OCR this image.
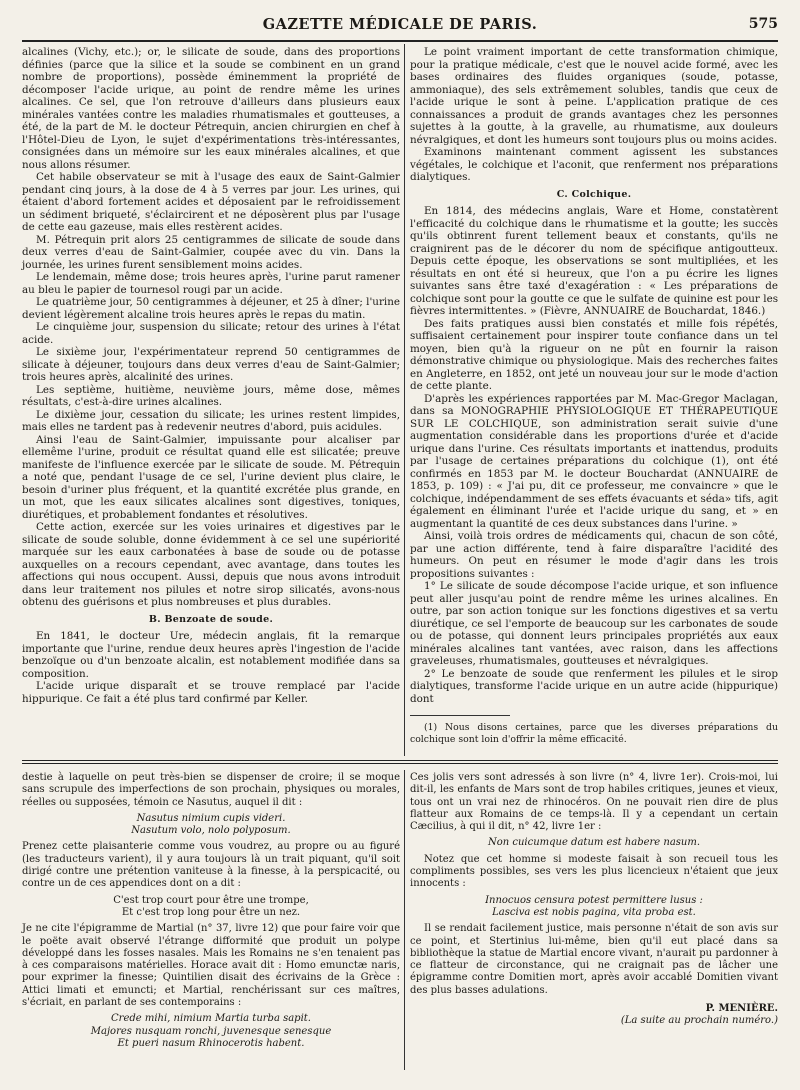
GAZETTE MÉDICALE DE PARIS.	575

alcalines (Vichy, etc.); or, le silicate de soude, dans des proportions définies (parce que la silice et la soude se combinent en un grand nombre de proportions), possède éminemment la propriété de décomposer l'acide urique, au point de rendre même les urines alcalines. Ce sel, que l'on retrouve d'ailleurs dans plusieurs eaux minérales vantées contre les maladies rhumatismales et goutteuses, a été, de la part de M. le docteur Pétrequin, ancien chirurgien en chef à l'Hôtel-Dieu de Lyon, le sujet d'expérimentations très-intéressantes, consignées dans un mémoire sur les eaux minérales alcalines, et que nous allons résumer.

Cet habile observateur se mit à l'usage des eaux de Saint-Galmier pendant cinq jours, à la dose de 4 à 5 verres par jour. Les urines, qui étaient d'abord fortement acides et déposaient par le refroidissement un sédiment briqueté, s'éclaircirent et ne déposèrent plus par l'usage de cette eau gazeuse, mais elles restèrent acides.

M. Pétrequin prit alors 25 centigrammes de silicate de soude dans deux verres d'eau de Saint-Galmier, coupée avec du vin. Dans la journée, les urines furent sensiblement moins acides.

Le lendemain, même dose; trois heures après, l'urine parut ramener au bleu le papier de tournesol rougi par un acide.

Le quatrième jour, 50 centigrammes à déjeuner, et 25 à dîner; l'urine devient légèrement alcaline trois heures après le repas du matin.

Le cinquième jour, suspension du silicate; retour des urines à l'état acide.

Le sixième jour, l'expérimentateur reprend 50 centigrammes de silicate à déjeuner, toujours dans deux verres d'eau de Saint-Galmier; trois heures après, alcalinité des urines.

Les septième, huitième, neuvième jours, même dose, mêmes résultats, c'est-à-dire urines alcalines.

Le dixième jour, cessation du silicate; les urines restent limpides, mais elles ne tardent pas à redevenir neutres d'abord, puis acidules.

Ainsi l'eau de Saint-Galmier, impuissante pour alcaliser par ellemême l'urine, produit ce résultat quand elle est silicatée; preuve manifeste de l'influence exercée par le silicate de soude. M. Pétrequin a noté que, pendant l'usage de ce sel, l'urine devient plus claire, le besoin d'uriner plus fréquent, et la quantité excrétée plus grande, en un mot, que les eaux silicates alcalines sont digestives, toniques, diurétiques, et probablement fondantes et résolutives.

Cette action, exercée sur les voies urinaires et digestives par le silicate de soude soluble, donne évidemment à ce sel une supériorité marquée sur les eaux carbonatées à base de soude ou de potasse auxquelles on a recours cependant, avec avantage, dans toutes les affections qui nous occupent. Aussi, depuis que nous avons introduit dans leur traitement nos pilules et notre sirop silicatés, avons-nous obtenu des guérisons et plus nombreuses et plus durables.

B. Benzoate de soude.

En 1841, le docteur Ure, médecin anglais, fit la remarque importante que l'urine, rendue deux heures après l'ingestion de l'acide benzoïque ou d'un benzoate alcalin, est notablement modifiée dans sa composition.

L'acide urique disparaît et se trouve remplacé par l'acide hippurique. Ce fait a été plus tard confirmé par Keller.

Le point vraiment important de cette transformation chimique, pour la pratique médicale, c'est que le nouvel acide formé, avec les bases ordinaires des fluides organiques (soude, potasse, ammoniaque), des sels extrêmement solubles, tandis que ceux de l'acide urique le sont à peine. L'application pratique de ces connaissances a produit de grands avantages chez les personnes sujettes à la goutte, à la gravelle, au rhumatisme, aux douleurs névralgiques, et dont les humeurs sont toujours plus ou moins acides.

Examinons maintenant comment agissent les substances végétales, le colchique et l'aconit, que renferment nos préparations dialytiques.

C. Colchique.

En 1814, des médecins anglais, Ware et Home, constatèrent l'efficacité du colchique dans le rhumatisme et la goutte; les succès qu'ils obtinrent furent tellement beaux et constants, qu'ils ne craignirent pas de le décorer du nom de spécifique antigoutteux. Depuis cette époque, les observations se sont multipliées, et les résultats en ont été si heureux, que l'on a pu écrire les lignes suivantes sans être taxé d'exagération : « Les préparations de colchique sont pour la goutte ce que le sulfate de quinine est pour les fièvres intermittentes. » (Fièvre, ANNUAIRE de Bouchardat, 1846.)

Des faits pratiques aussi bien constatés et mille fois répétés, suffisaient certainement pour inspirer toute confiance dans un tel moyen, bien qu'à la rigueur on ne pût en fournir la raison démonstrative chimique ou physiologique. Mais des recherches faites en Angleterre, en 1852, ont jeté un nouveau jour sur le mode d'action de cette plante.

D'après les expériences rapportées par M. Mac-Gregor Maclagan, dans sa MONOGRAPHIE PHYSIOLOGIQUE ET THÉRAPEUTIQUE SUR LE COLCHIQUE, son administration serait suivie d'une augmentation considérable dans les proportions d'urée et d'acide urique dans l'urine. Ces résultats importants et inattendus, produits par l'usage de certaines préparations du colchique (1), ont été confirmés en 1853 par M. le docteur Bouchardat (ANNUAIRE de 1853, p. 109) : « J'ai pu, dit ce professeur, me convaincre » que le colchique, indépendamment de ses effets évacuants et séda» tifs, agit également en éliminant l'urée et l'acide urique du sang, et » en augmentant la quantité de ces deux substances dans l'urine. »

Ainsi, voilà trois ordres de médicaments qui, chacun de son côté, par une action différente, tend à faire disparaître l'acidité des humeurs. On peut en résumer le mode d'agir dans les trois propositions suivantes :

1° Le silicate de soude décompose l'acide urique, et son influence peut aller jusqu'au point de rendre même les urines alcalines. En outre, par son action tonique sur les fonctions digestives et sa vertu diurétique, ce sel l'emporte de beaucoup sur les carbonates de soude ou de potasse, qui donnent leurs principales propriétés aux eaux minérales alcalines tant vantées, avec raison, dans les affections graveleuses, rhumatismales, goutteuses et névralgiques.

2° Le benzoate de soude que renferment les pilules et le sirop dialytiques, transforme l'acide urique en un autre acide (hippurique) dont

(1) Nous disons certaines, parce que les diverses préparations du colchique sont loin d'offrir la même efficacité.

destie à laquelle on peut très-bien se dispenser de croire; il se moque sans scrupule des imperfections de son prochain, physiques ou morales, réelles ou supposées, témoin ce Nasutus, auquel il dit :

Nasutus nimium cupis videri.

Nasutum volo, nolo polyposum.

Prenez cette plaisanterie comme vous voudrez, au propre ou au figuré (les traducteurs varient), il y aura toujours là un trait piquant, qu'il soit dirigé contre une prétention vaniteuse à la finesse, à la perspicacité, ou contre un de ces appendices dont on a dit :

C'est trop court pour être une trompe,

Et c'est trop long pour être un nez.

Je ne cite l'épigramme de Martial (n° 37, livre 12) que pour faire voir que le poëte avait observé l'étrange difformité que produit un polype développé dans les fosses nasales. Mais les Romains ne s'en tenaient pas à ces comparaisons matérielles. Horace avait dit : Homo emunctæ naris, pour exprimer la finesse; Quintilien disait des écrivains de la Grèce : Attici limati et emuncti; et Martial, renchérissant sur ces maîtres, s'écriait, en parlant de ses contemporains :

Crede mihi, nimium Martia turba sapit.

Majores nusquam ronchi, juvenesque senesque

Et pueri nasum Rhinocerotis habent.

Ces jolis vers sont adressés à son livre (n° 4, livre 1er). Crois-moi, lui dit-il, les enfants de Mars sont de trop habiles critiques, jeunes et vieux, tous ont un vrai nez de rhinocéros. On ne pouvait rien dire de plus flatteur aux Romains de ce temps-là. Il y a cependant un certain Cæcilius, à qui il dit, n° 42, livre 1er :

Non cuicumque datum est habere nasum.

Notez que cet homme si modeste faisait à son recueil tous les compliments possibles, ses vers les plus licencieux n'étaient que jeux innocents :

Innocuos censura potest permittere lusus :

Lasciva est nobis pagina, vita proba est.

Il se rendait facilement justice, mais personne n'était de son avis sur ce point, et Stertinius lui-même, bien qu'il eut placé dans sa bibliothèque la statue de Martial encore vivant, n'aurait pu pardonner à ce flatteur de circonstance, qui ne craignait pas de lâcher une épigramme contre Domitien mort, après avoir accablé Domitien vivant des plus basses adulations.

P. MENIÈRE.

(La suite au prochain numéro.)
